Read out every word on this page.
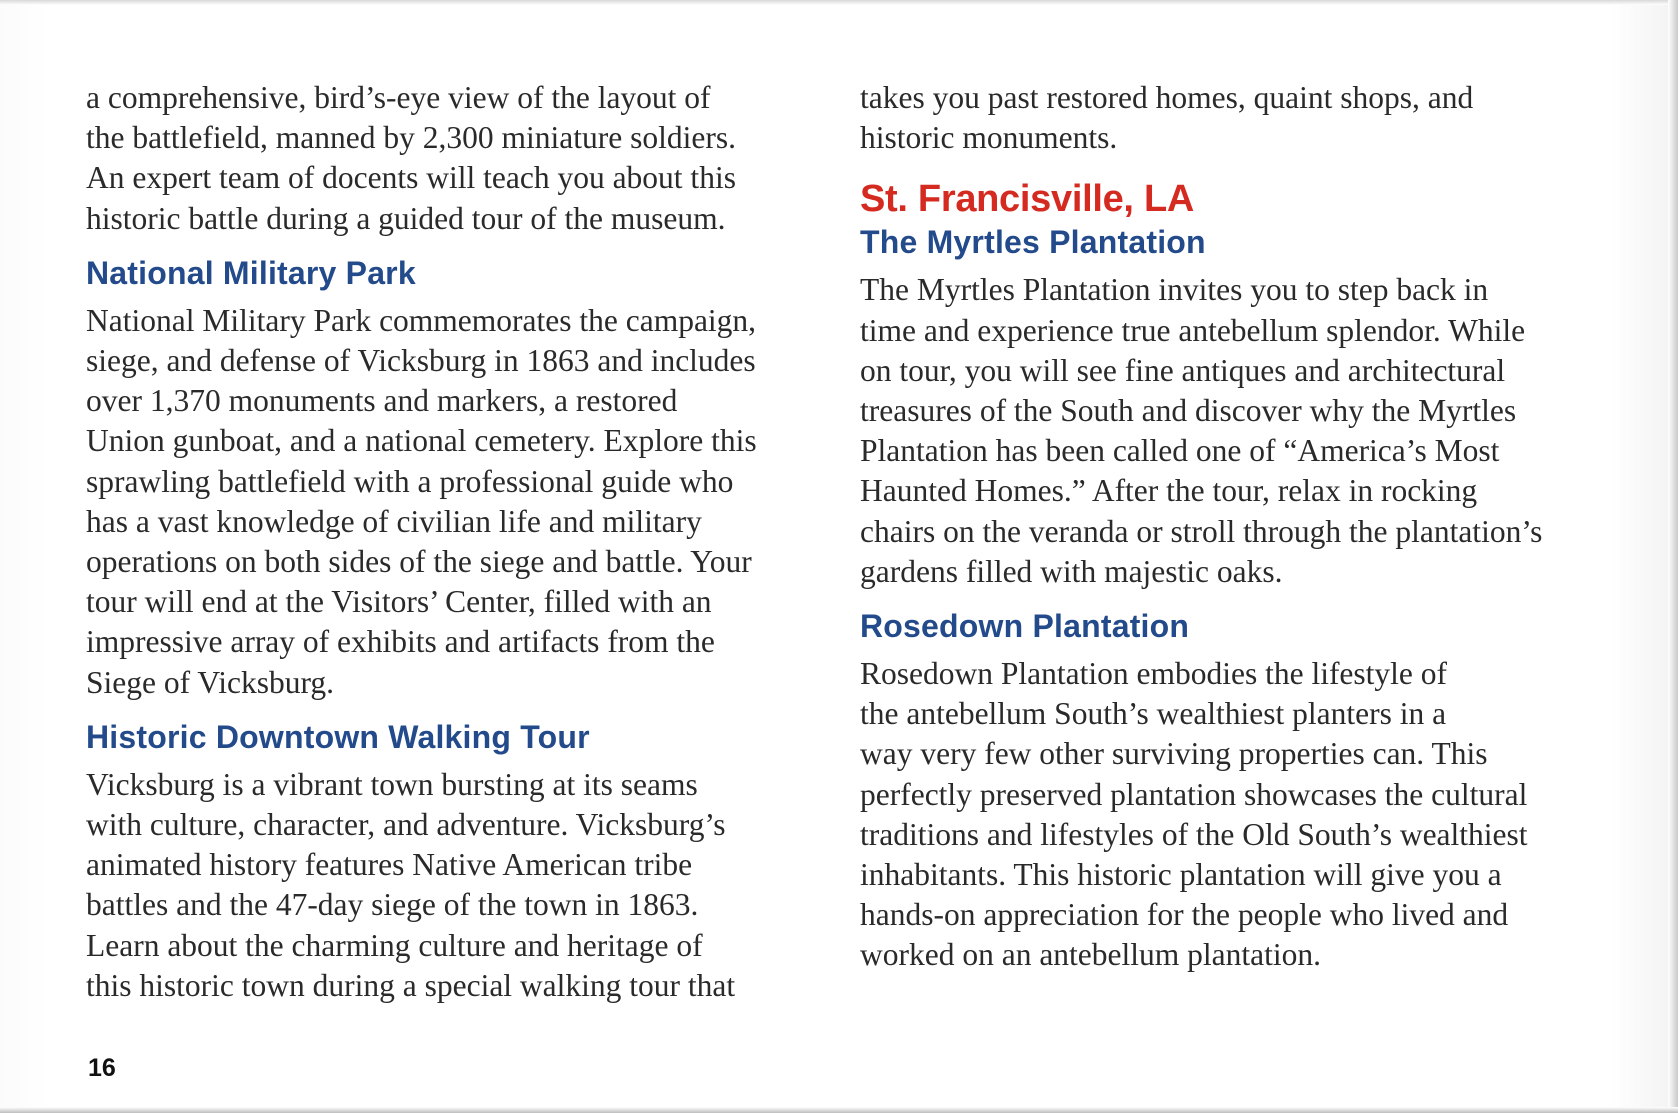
a comprehensive, bird’s-eye view of the layout of
the battlefield, manned by 2,300 miniature soldiers.
An expert team of docents will teach you about this
historic battle during a guided tour of the museum.

National Military Park

National Military Park commemorates the campaign,
siege, and defense of Vicksburg in 1863 and includes
over 1,370 monuments and markers, a restored
Union gunboat, and a national cemetery. Explore this
sprawling battlefield with a professional guide who
has a vast knowledge of civilian life and military
operations on both sides of the siege and battle. Your
tour will end at the Visitors’ Center, filled with an
impressive array of exhibits and artifacts from the
Siege of Vicksburg.

Historic Downtown Walking Tour

Vicksburg is a vibrant town bursting at its seams
with culture, character, and adventure. Vicksburg’s
animated history features Native American tribe
battles and the 47-day siege of the town in 1863.
Learn about the charming culture and heritage of
this historic town during a special walking tour that

takes you past restored homes, quaint shops, and
historic monuments.

St. Francisville, LA
The Myrtles Plantation

The Myrtles Plantation invites you to step back in
time and experience true antebellum splendor. While
on tour, you will see fine antiques and architectural
treasures of the South and discover why the Myrtles
Plantation has been called one of “America’s Most
Haunted Homes.” After the tour, relax in rocking
chairs on the veranda or stroll through the plantation’s
gardens filled with majestic oaks.

Rosedown Plantation

Rosedown Plantation embodies the lifestyle of
the antebellum South’s wealthiest planters in a
way very few other surviving properties can. This
perfectly preserved plantation showcases the cultural
traditions and lifestyles of the Old South’s wealthiest
inhabitants. This historic plantation will give you a
hands-on appreciation for the people who lived and
worked on an antebellum plantation.

16
